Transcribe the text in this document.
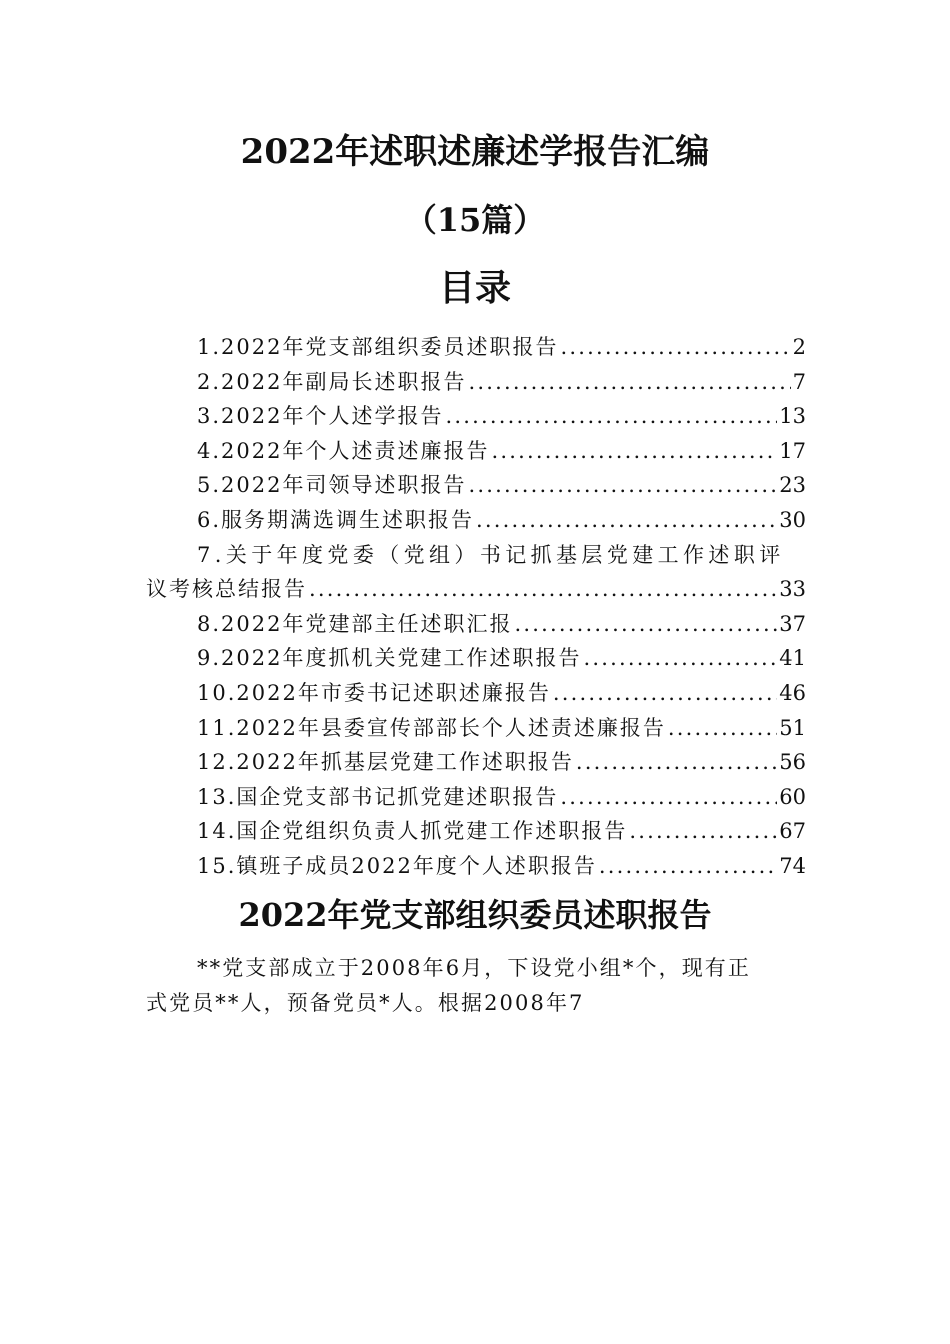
2022年述职述廉述学报告汇编
（15篇）
目录
1.2022年党支部组织委员述职报告 .....	2
2.2022年副局长述职报告 .....	7
3.2022年个人述学报告 .....	13
4.2022年个人述责述廉报告 .....	17
5.2022年司领导述职报告 .....	23
6.服务期满选调生述职报告 .....	30
7.关于年度党委（党组）书记抓基层党建工作述职评
议考核总结报告 .....	33
8.2022年党建部主任述职汇报 .....	37
9.2022年度抓机关党建工作述职报告 .....	41
10.2022年市委书记述职述廉报告 .....	46
11.2022年县委宣传部部长个人述责述廉报告 .....	51
12.2022年抓基层党建工作述职报告 .....	56
13.国企党支部书记抓党建述职报告 .....	60
14.国企党组织负责人抓党建工作述职报告 .....	67
15.镇班子成员2022年度个人述职报告 .....	74
2022年党支部组织委员述职报告
**党支部成立于2008年6月，下设党小组*个，现有正
式党员**人，预备党员*人。根据2008年7
